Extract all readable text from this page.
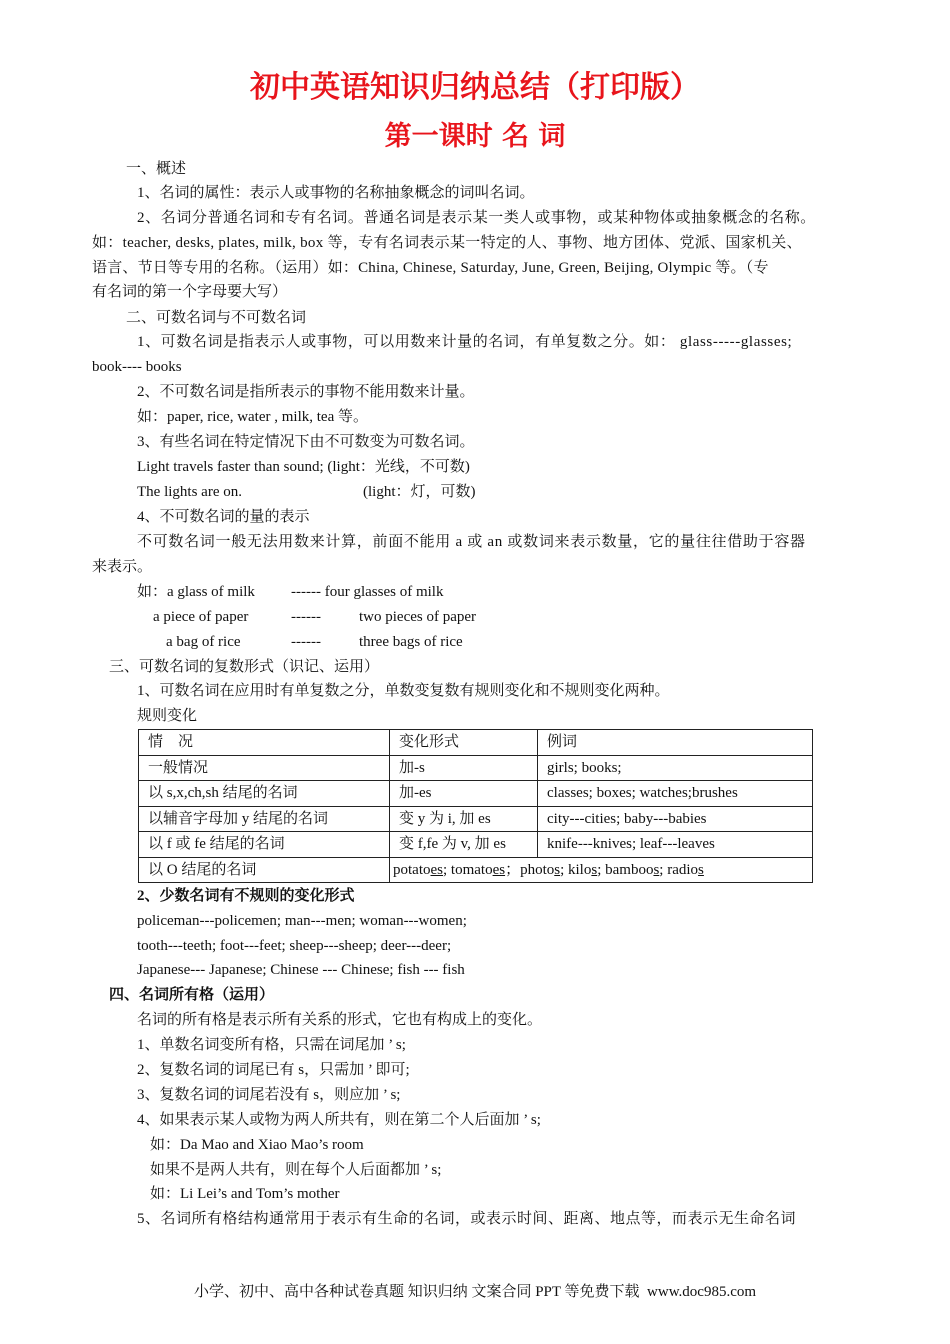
初中英语知识归纳总结（打印版）
第一课时 名 词
一、概述
1、名词的属性：表示人或事物的名称抽象概念的词叫名词。
2、名词分普通名词和专有名词。普通名词是表示某一类人或事物，或某种物体或抽象概念的名称。
如：teacher, desks, plates, milk, box 等，专有名词表示某一特定的人、事物、地方团体、党派、国家机关、
语言、节日等专用的名称。（运用）如：China, Chinese, Saturday, June, Green, Beijing, Olympic 等。（专
有名词的第一个字母要大写）
二、可数名词与不可数名词
1、可数名词是指表示人或事物，可以用数来计量的名词，有单复数之分。如： glass-----glasses;
book---- books
2、不可数名词是指所表示的事物不能用数来计量。
如：paper, rice, water , milk, tea 等。
3、有些名词在特定情况下由不可数变为可数名词。
Light travels faster than sound; (light：光线，不可数)
The lights are on.	(light：灯，可数)
4、不可数名词的量的表示
不可数名词一般无法用数来计算，前面不能用 a 或 an 或数词来表示数量，它的量往往借助于容器
来表示。
如：a glass of milk ------ four glasses of milk
a piece of paper	------	two pieces of paper
a bag of rice	------	three bags of rice
三、可数名词的复数形式（识记、运用）
1、可数名词在应用时有单复数之分，单数变复数有规则变化和不规则变化两种。
规则变化
情　况	变化形式	例词
一般情况	加-s	girls; books;
以 s,x,ch,sh 结尾的名词	加-es	classes; boxes; watches;brushes
以辅音字母加 y 结尾的名词	变 y 为 i, 加 es	city---cities; baby---babies
以 f 或 fe 结尾的名词	变 f,fe 为 v, 加 es	knife---knives; leaf---leaves
以 O 结尾的名词	potatoes; tomatoes；photos; kilos; bamboos; radios	
2、少数名词有不规则的变化形式
policeman---policemen; man---men; woman---women;
tooth---teeth; foot---feet; sheep---sheep; deer---deer;
Japanese--- Japanese; Chinese --- Chinese; fish --- fish
四、名词所有格（运用）
名词的所有格是表示所有关系的形式，它也有构成上的变化。
1、单数名词变所有格，只需在词尾加 ’ s;
2、复数名词的词尾已有 s，只需加 ’ 即可;
3、复数名词的词尾若没有 s，则应加 ’ s;
4、如果表示某人或物为两人所共有，则在第二个人后面加 ’ s;
如：Da Mao and Xiao Mao’s room
如果不是两人共有，则在每个人后面都加 ’ s;
如：Li Lei’s and Tom’s mother
5、名词所有格结构通常用于表示有生命的名词，或表示时间、距离、地点等，而表示无生命名词
小学、初中、高中各种试卷真题 知识归纳 文案合同 PPT 等免费下载 www.doc985.com
